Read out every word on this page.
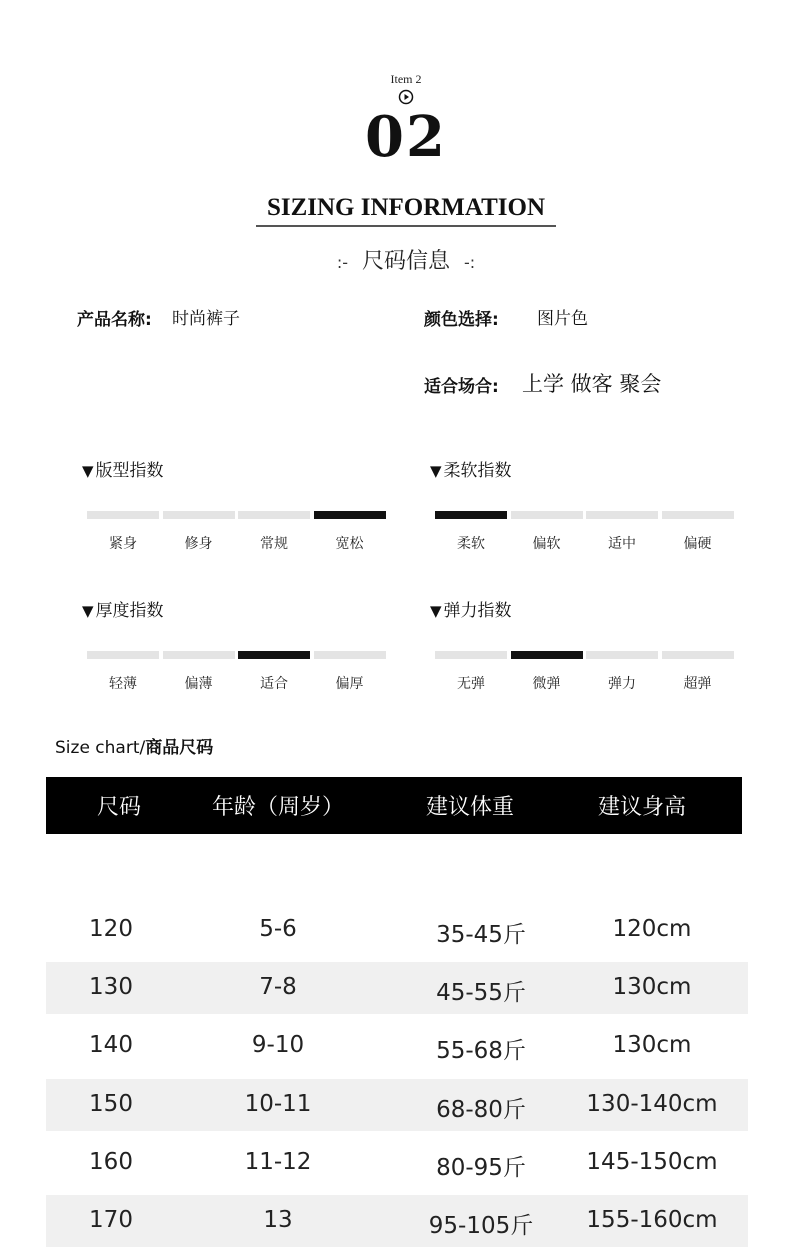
Item 2
02
SIZING INFORMATION
:- 尺码信息 -:
产品名称: 时尚裤子	颜色选择: 图片色
适合场合: 上学 做客 聚会
▼ 版型指数
紧身	修身	常规	宽松
▼ 柔软指数
柔软	偏软	适中	偏硬
▼ 厚度指数
轻薄	偏薄	适合	偏厚
▼ 弹力指数
无弹	微弹	弹力	超弹
Size chart/商品尺码
尺码	年龄（周岁）	建议体重	建议身高
120	5-6	35-45斤	120cm
130	7-8	45-55斤	130cm
140	9-10	55-68斤	130cm
150	10-11	68-80斤	130-140cm
160	11-12	80-95斤	145-150cm
170	13	95-105斤	155-160cm
